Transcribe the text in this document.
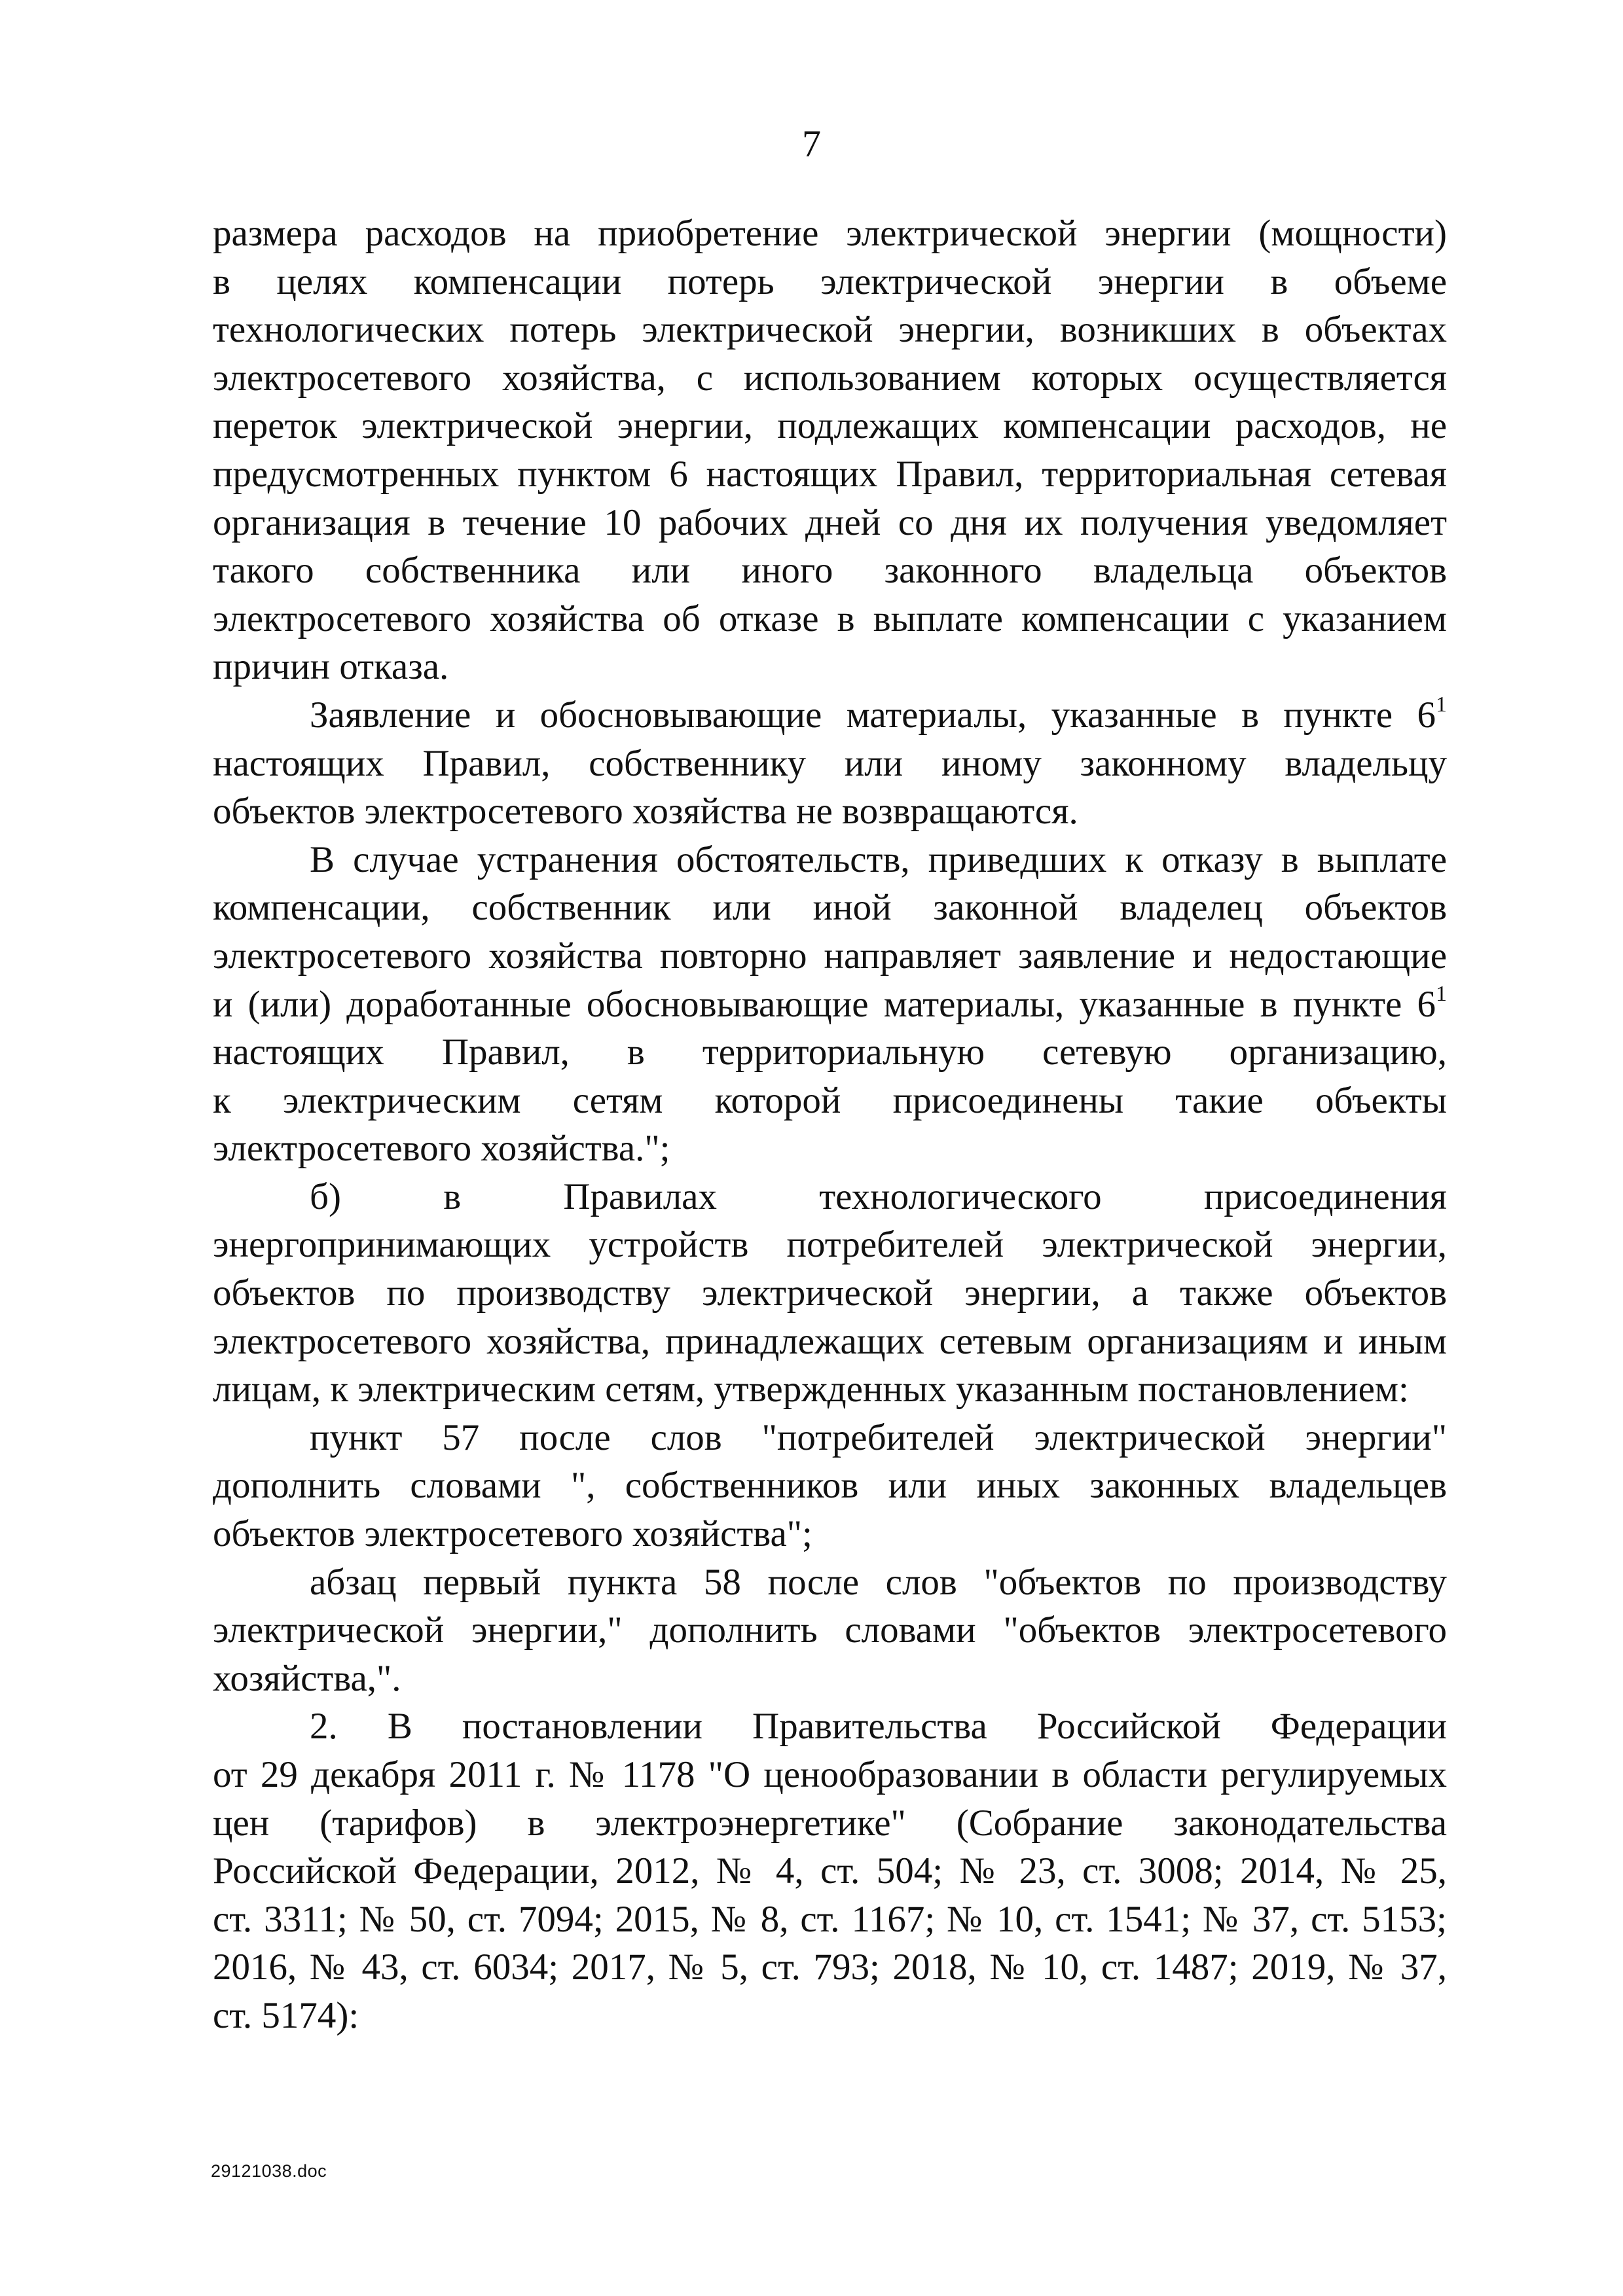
7
размера расходов на приобретение электрической энергии (мощности)
в целях компенсации потерь электрической энергии в объеме
технологических потерь электрической энергии, возникших в объектах
электросетевого хозяйства, с использованием которых осуществляется
переток электрической энергии, подлежащих компенсации расходов, не
предусмотренных пунктом 6 настоящих Правил, территориальная сетевая
организация в течение 10 рабочих дней со дня их получения уведомляет
такого собственника или иного законного владельца объектов
электросетевого хозяйства об отказе в выплате компенсации с указанием
причин отказа.
Заявление и обосновывающие материалы, указанные в пункте $6^1$
настоящих Правил, собственнику или иному законному владельцу
объектов электросетевого хозяйства не возвращаются.
В случае устранения обстоятельств, приведших к отказу в выплате
компенсации, собственник или иной законной владелец объектов
электросетевого хозяйства повторно направляет заявление и недостающие
и (или) доработанные обосновывающие материалы, указанные в пункте $6^1$
настоящих Правил, в территориальную сетевую организацию,
к электрическим сетям которой присоединены такие объекты
электросетевого хозяйства.";
б) в Правилах технологического присоединения
энергопринимающих устройств потребителей электрической энергии,
объектов по производству электрической энергии, а также объектов
электросетевого хозяйства, принадлежащих сетевым организациям и иным
лицам, к электрическим сетям, утвержденных указанным постановлением:
пункт 57 после слов "потребителей электрической энергии"
дополнить словами ", собственников или иных законных владельцев
объектов электросетевого хозяйства";
абзац первый пункта 58 после слов "объектов по производству
электрической энергии," дополнить словами "объектов электросетевого
хозяйства,".
2. В постановлении Правительства Российской Федерации
от 29 декабря 2011 г. № 1178 "О ценообразовании в области регулируемых
цен (тарифов) в электроэнергетике" (Собрание законодательства
Российской Федерации, 2012, № 4, ст. 504; № 23, ст. 3008; 2014, № 25,
ст. 3311; № 50, ст. 7094; 2015, № 8, ст. 1167; № 10, ст. 1541; № 37, ст. 5153;
2016, № 43, ст. 6034; 2017, № 5, ст. 793; 2018, № 10, ст. 1487; 2019, № 37,
ст. 5174):
29121038.doc
